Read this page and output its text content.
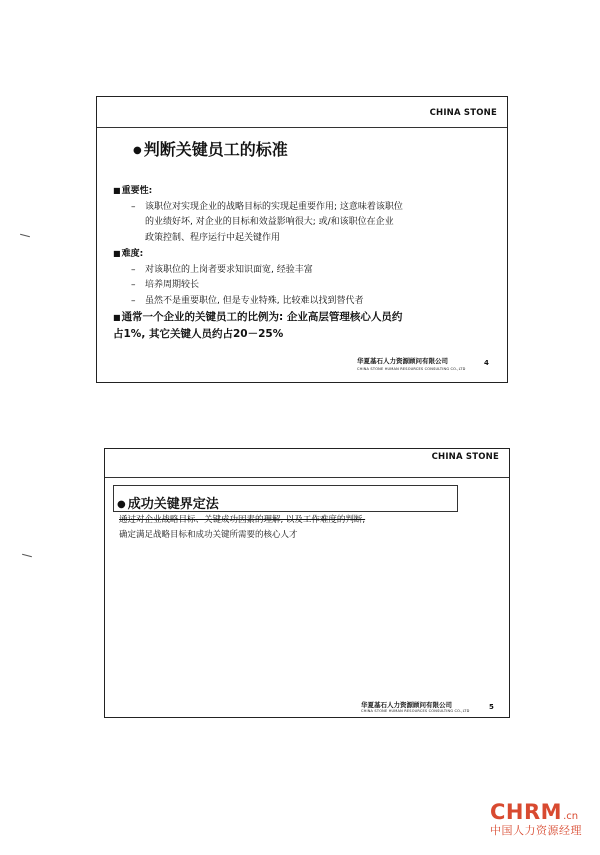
CHINA STONE
● 判断关键员工的标准
■重要性:
– 该职位对实现企业的战略目标的实现起重要作用; 这意味着该职位
的业绩好坏, 对企业的目标和效益影响很大; 或/和该职位在企业
政策控制、程序运行中起关键作用
■难度:
– 对该职位的上岗者要求知识面宽, 经验丰富
– 培养周期较长
– 虽然不是重要职位, 但是专业特殊, 比较难以找到替代者
■通常一个企业的关键员工的比例为: 企业高层管理核心人员约
占1%, 其它关键人员约占20－25%
华夏基石人力资源顾问有限公司
CHINA STONE HUMAN RESOURCES CONSULTING CO.,LTD
4
CHINA STONE
● 成功关键界定法
通过对企业战略目标、关键成功因素的理解, 以及工作难度的判断,
确定满足战略目标和成功关键所需要的核心人才
华夏基石人力资源顾问有限公司
CHINA STONE HUMAN RESOURCES CONSULTING CO.,LTD	5
CHRM.cn
中国人力资源经理
